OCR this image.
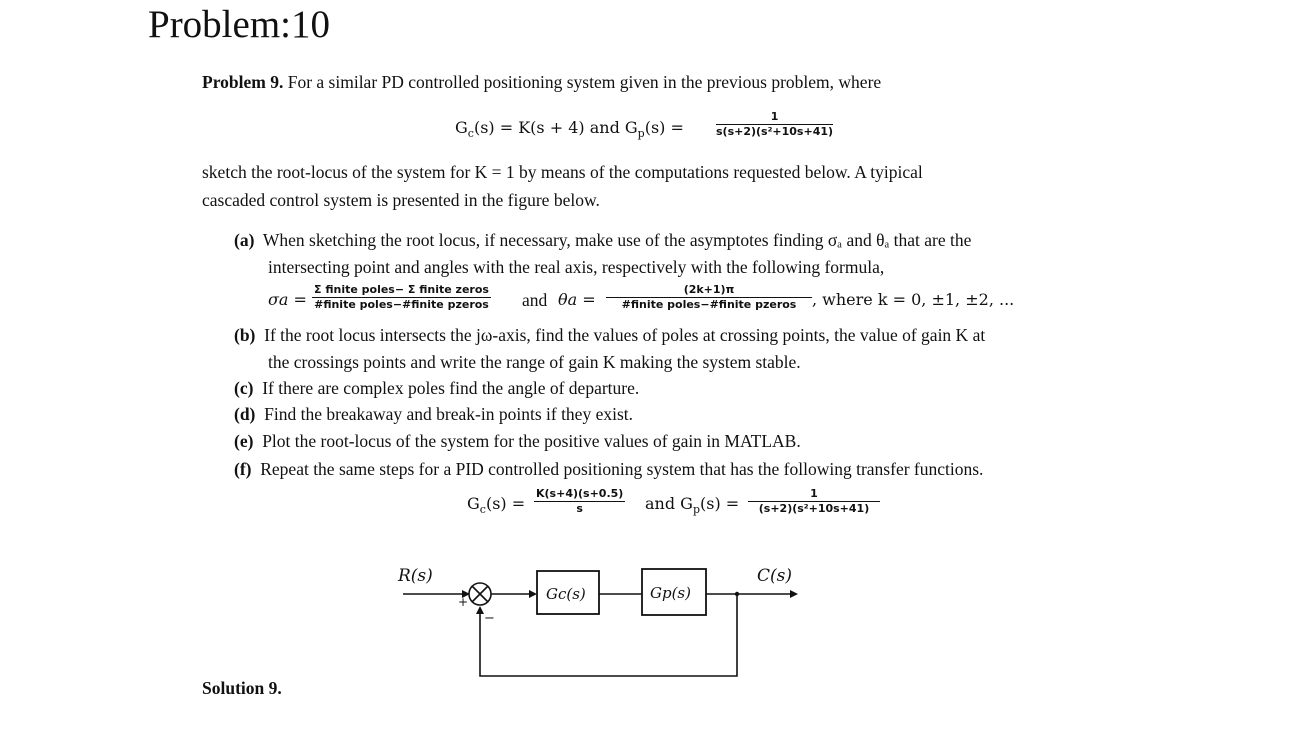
Problem:10
Problem 9. For a similar PD controlled positioning system given in the previous problem, where
$G_c(s) = K(s + 4)$ and $G_p(s)$ =	$\frac{1}{\text{s(s+2)(s²+10s+41)}}$
sketch the root-locus of the system for K = 1 by means of the computations requested below. A tyipical
cascaded control system is presented in the figure below.
(a) When sketching the root locus, if necessary, make use of the asymptotes finding σₐ and θₐ that are the
intersecting point and angles with the real axis, respectively with the following formula,
σa =
Σ finite poles− Σ finite zeros
#finite poles−#finite pzeros and θa =
(2k+1)π
#finite poles−#finite pzeros , where k = 0, ±1, ±2, ...
(b) If the root locus intersects the jω-axis, find the values of poles at crossing points, the value of gain K at
the crossings points and write the range of gain K making the system stable.
(c) If there are complex poles find the angle of departure.
(d) Find the breakaway and break-in points if they exist.
(e) Plot the root-locus of the system for the positive values of gain in MATLAB.
(f) Repeat the same steps for a PID controlled positioning system that has the following transfer functions.
$G_c(s) = \frac{K(s+4)(s+0.5)}{s}$ and $G_p(s) = \frac{1}{\text{(s+2)(s²+10s+41)}}$
R(s)	C(s)
+
−
Gc(s)	Gp(s)
Solution 9.
